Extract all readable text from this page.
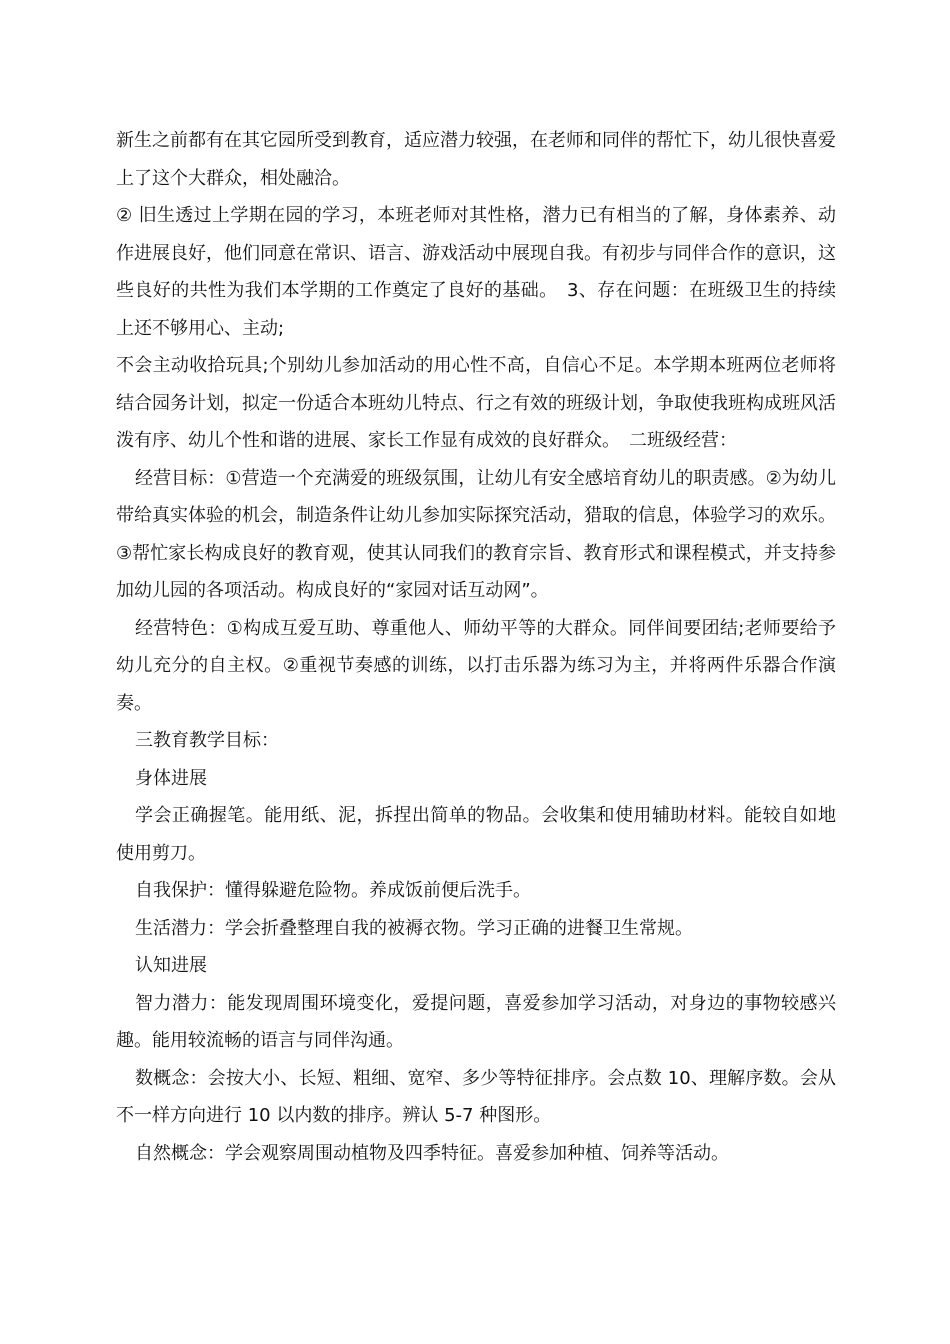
新生之前都有在其它园所受到教育，适应潜力较强，在老师和同伴的帮忙下，幼儿很快喜爱上了这个大群众，相处融洽。

② 旧生透过上学期在园的学习，本班老师对其性格，潜力已有相当的了解，身体素养、动作进展良好，他们同意在常识、语言、游戏活动中展现自我。有初步与同伴合作的意识，这些良好的共性为我们本学期的工作奠定了良好的基础。　3、存在问题：在班级卫生的持续上还不够用心、主动;

不会主动收拾玩具;个别幼儿参加活动的用心性不高，自信心不足。本学期本班两位老师将结合园务计划，拟定一份适合本班幼儿特点、行之有效的班级计划，争取使我班构成班风活泼有序、幼儿个性和谐的进展、家长工作显有成效的良好群众。　二班级经营：

经营目标：①营造一个充满爱的班级氛围，让幼儿有安全感培育幼儿的职责感。②为幼儿带给真实体验的机会，制造条件让幼儿参加实际探究活动，猎取的信息，体验学习的欢乐。③帮忙家长构成良好的教育观，使其认同我们的教育宗旨、教育形式和课程模式，并支持参加幼儿园的各项活动。构成良好的“家园对话互动网”。

经营特色：①构成互爱互助、尊重他人、师幼平等的大群众。同伴间要团结;老师要给予幼儿充分的自主权。②重视节奏感的训练，以打击乐器为练习为主，并将两件乐器合作演奏。

三教育教学目标：

身体进展

学会正确握笔。能用纸、泥，拆捏出简单的物品。会收集和使用辅助材料。能较自如地使用剪刀。

自我保护：懂得躲避危险物。养成饭前便后洗手。

生活潜力：学会折叠整理自我的被褥衣物。学习正确的进餐卫生常规。

认知进展

智力潜力：能发现周围环境变化，爱提问题，喜爱参加学习活动，对身边的事物较感兴趣。能用较流畅的语言与同伴沟通。

数概念：会按大小、长短、粗细、宽窄、多少等特征排序。会点数 10、理解序数。会从不一样方向进行 10 以内数的排序。辨认 5-7 种图形。

自然概念：学会观察周围动植物及四季特征。喜爱参加种植、饲养等活动。
